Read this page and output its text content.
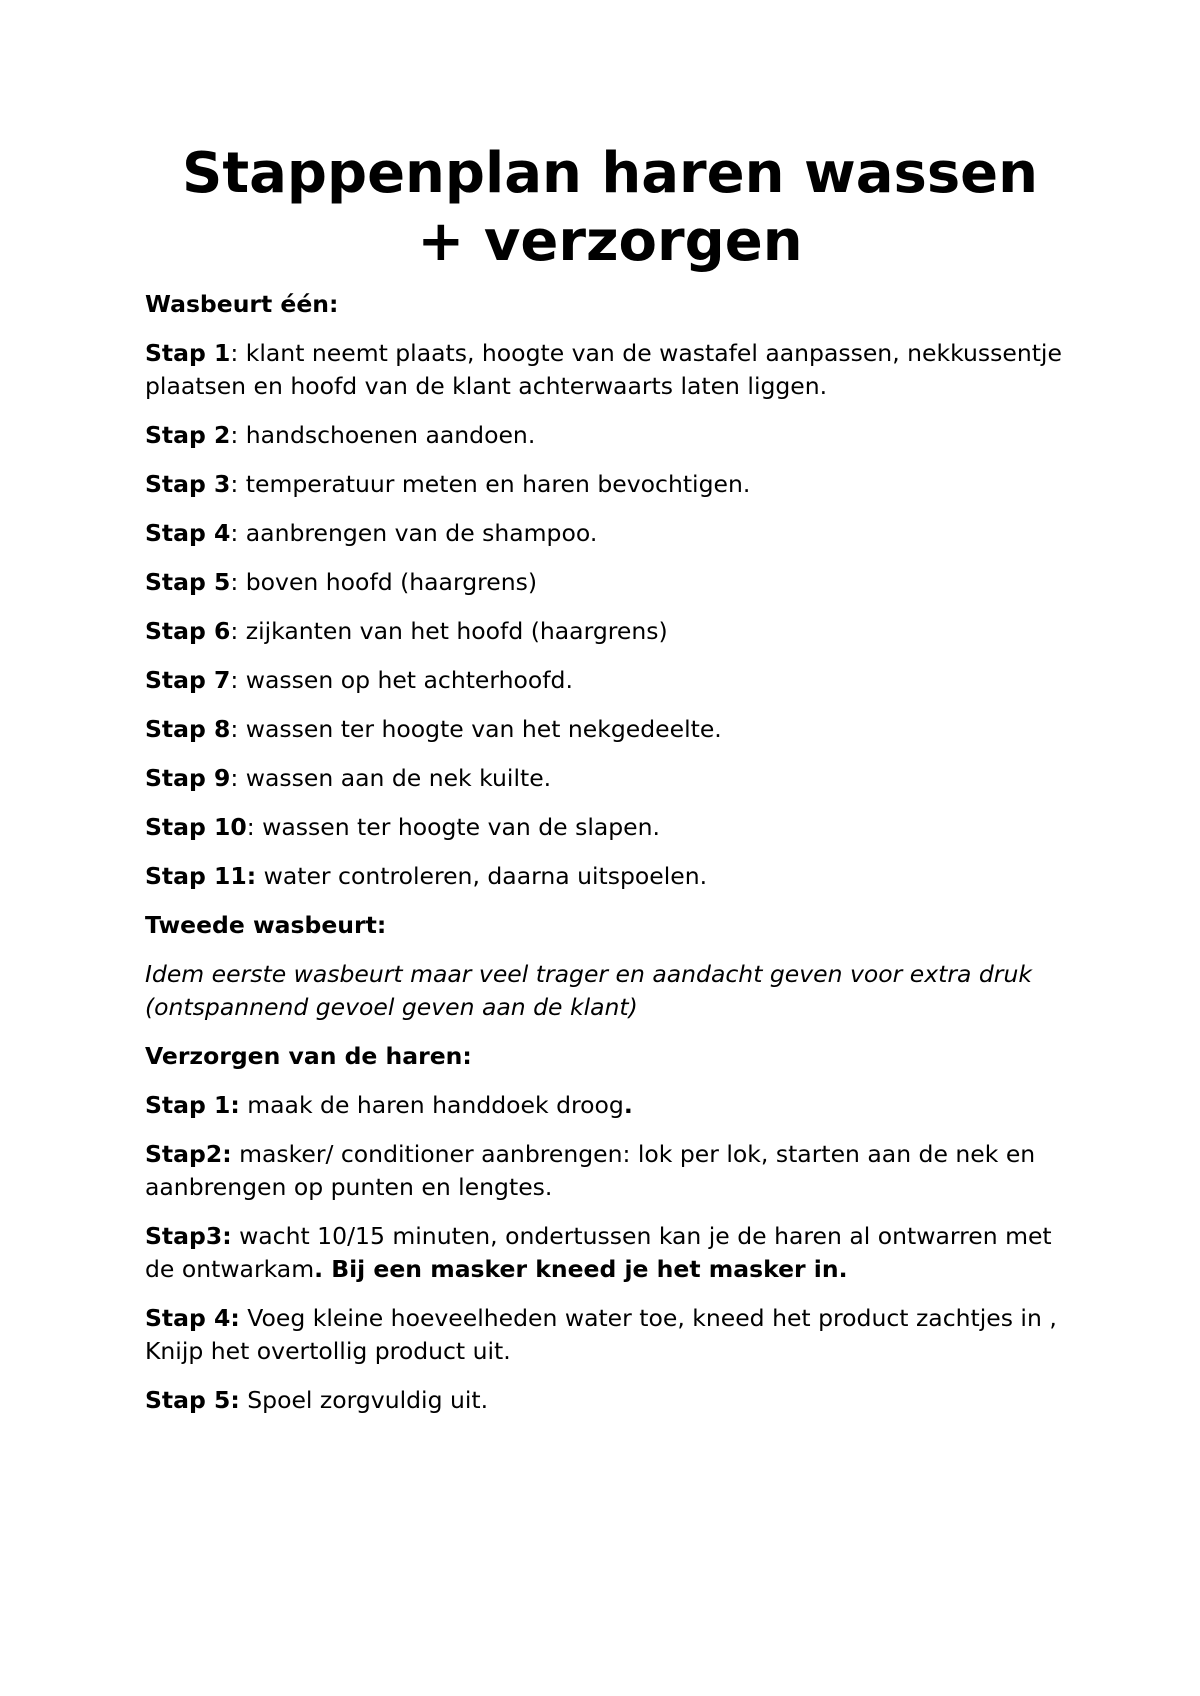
Stappenplan haren wassen + verzorgen

Wasbeurt één:

Stap 1: klant neemt plaats, hoogte van de wastafel aanpassen, nekkussentje plaatsen en hoofd van de klant achterwaarts laten liggen.

Stap 2: handschoenen aandoen.

Stap 3: temperatuur meten en haren bevochtigen.

Stap 4: aanbrengen van de shampoo.

Stap 5: boven hoofd (haargrens)

Stap 6: zijkanten van het hoofd (haargrens)

Stap 7: wassen op het achterhoofd.

Stap 8: wassen ter hoogte van het nekgedeelte.

Stap 9: wassen aan de nek kuilte.

Stap 10: wassen ter hoogte van de slapen.

Stap 11: water controleren, daarna uitspoelen.

Tweede wasbeurt:

Idem eerste wasbeurt maar veel trager en aandacht geven voor extra druk (ontspannend gevoel geven aan de klant)

Verzorgen van de haren:

Stap 1: maak de haren handdoek droog.

Stap2: masker/ conditioner aanbrengen: lok per lok, starten aan de nek en aanbrengen op punten en lengtes.

Stap3: wacht 10/15 minuten, ondertussen kan je de haren al ontwarren met de ontwarkam. Bij een masker kneed je het masker in.

Stap 4: Voeg kleine hoeveelheden water toe, kneed het product zachtjes in , Knijp het overtollig product uit.

Stap 5: Spoel zorgvuldig uit.
